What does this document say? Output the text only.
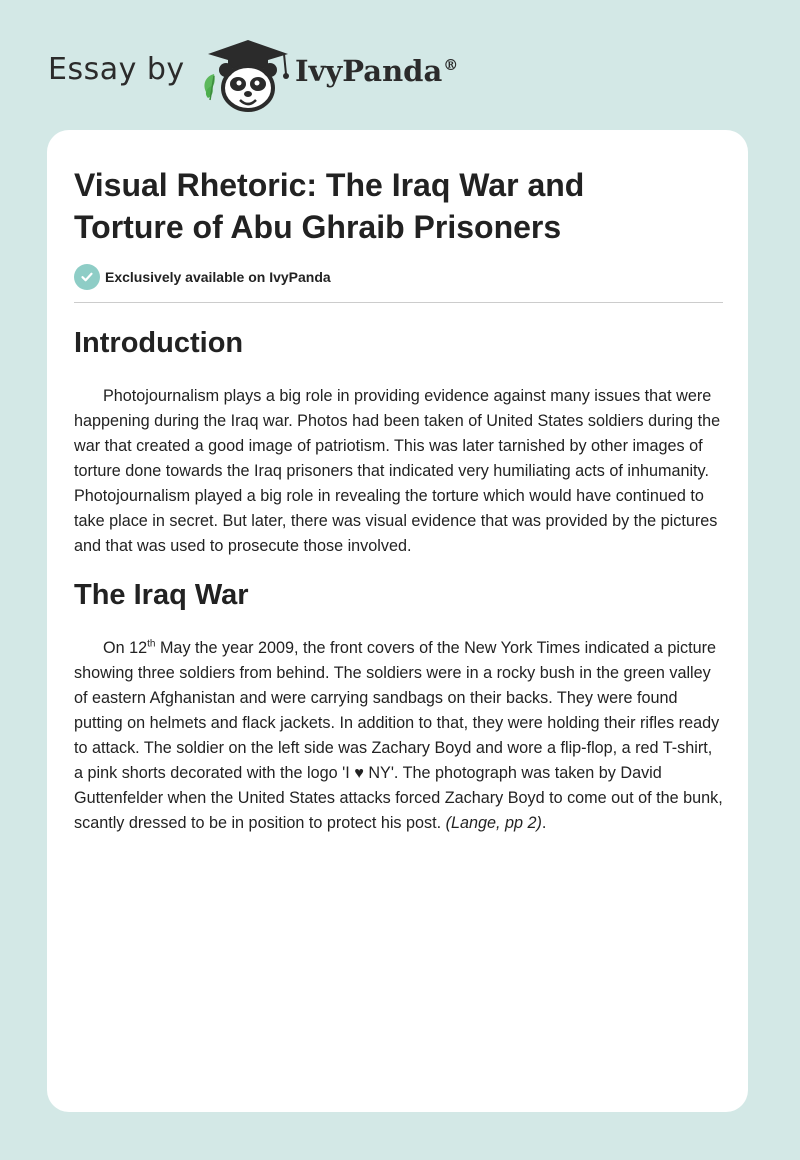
Essay by	IvyPanda®
Visual Rhetoric: The Iraq War and Torture of Abu Ghraib Prisoners
Exclusively available on IvyPanda
Introduction

Photojournalism plays a big role in providing evidence against many issues that were happening during the Iraq war. Photos had been taken of United States soldiers during the war that created a good image of patriotism. This was later tarnished by other images of torture done towards the Iraq prisoners that indicated very humiliating acts of inhumanity. Photojournalism played a big role in revealing the torture which would have continued to take place in secret. But later, there was visual evidence that was provided by the pictures and that was used to prosecute those involved.

The Iraq War

On 12th May the year 2009, the front covers of the New York Times indicated a picture showing three soldiers from behind. The soldiers were in a rocky bush in the green valley of eastern Afghanistan and were carrying sandbags on their backs. They were found putting on helmets and flack jackets. In addition to that, they were holding their rifles ready to attack. The soldier on the left side was Zachary Boyd and wore a flip-flop, a red T-shirt, a pink shorts decorated with the logo 'I ♥ NY'. The photograph was taken by David Guttenfelder when the United States attacks forced Zachary Boyd to come out of the bunk, scantly dressed to be in position to protect his post. (Lange, pp 2).
